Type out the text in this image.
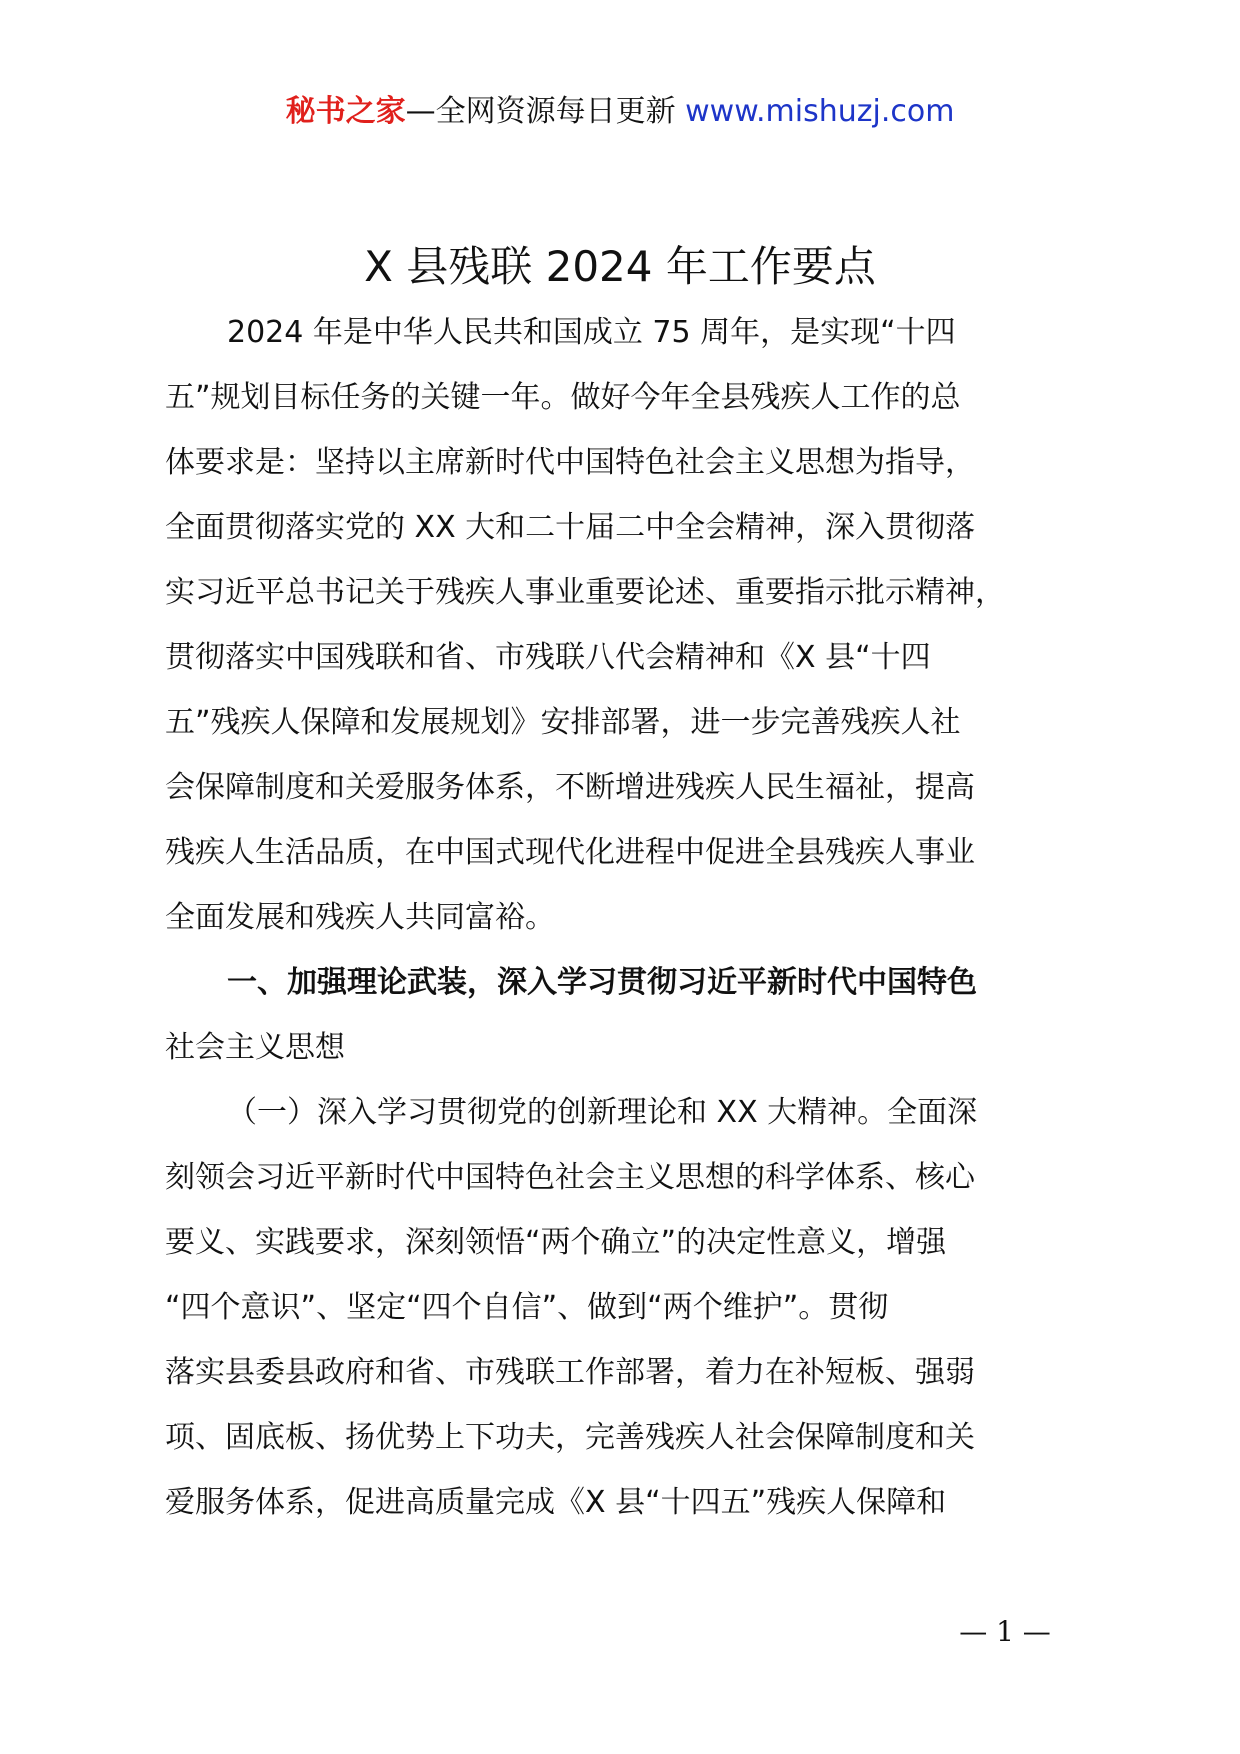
秘书之家—全网资源每日更新 www.mishuzj.com
X 县残联 2024 年工作要点
2024 年是中华人民共和国成立 75 周年，是实现“十四
五”规划目标任务的关键一年。做好今年全县残疾人工作的总
体要求是：坚持以主席新时代中国特色社会主义思想为指导，
全面贯彻落实党的 XX 大和二十届二中全会精神，深入贯彻落
实习近平总书记关于残疾人事业重要论述、重要指示批示精神，
贯彻落实中国残联和省、市残联八代会精神和《X 县“十四
五”残疾人保障和发展规划》安排部署，进一步完善残疾人社
会保障制度和关爱服务体系，不断增进残疾人民生福祉，提高
残疾人生活品质，在中国式现代化进程中促进全县残疾人事业
全面发展和残疾人共同富裕。
一、加强理论武装，深入学习贯彻习近平新时代中国特色
社会主义思想
（一）深入学习贯彻党的创新理论和 XX 大精神。全面深
刻领会习近平新时代中国特色社会主义思想的科学体系、核心
要义、实践要求，深刻领悟“两个确立”的决定性意义，增强
“四个意识”、坚定“四个自信”、做到“两个维护”。贯彻
落实县委县政府和省、市残联工作部署，着力在补短板、强弱
项、固底板、扬优势上下功夫，完善残疾人社会保障制度和关
爱服务体系，促进高质量完成《X 县“十四五”残疾人保障和
— 1 —
